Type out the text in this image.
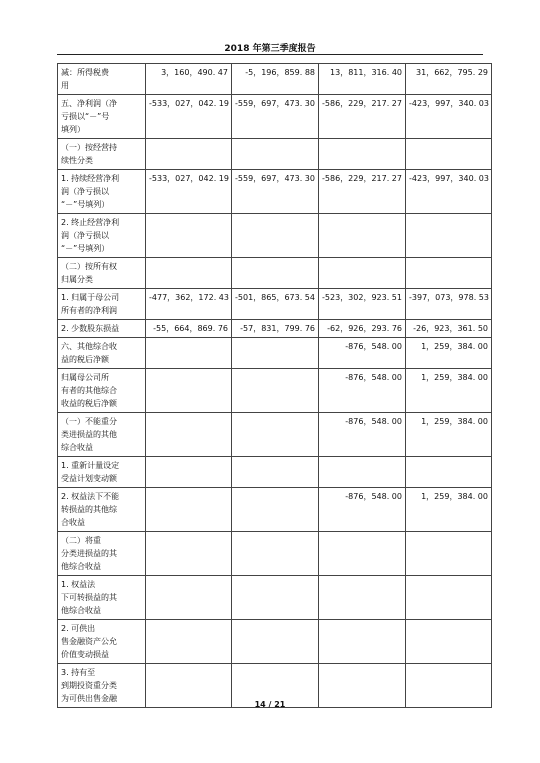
2018 年第三季度报告
减：所得税费
用	3，160，490. 47	-5，196，859. 88	13，811，316. 40	31，662，795. 29
五、净利润（净
亏损以“－”号
填列）	-533，027，042. 19	-559，697，473. 30	-586，229，217. 27	-423，997，340. 03
（一）按经营持
续性分类				
1. 持续经营净利
润（净亏损以
“－”号填列）	-533，027，042. 19	-559，697，473. 30	-586，229，217. 27	-423，997，340. 03
2. 终止经营净利
润（净亏损以
“－”号填列）				
（二）按所有权
归属分类				
1. 归属于母公司
所有者的净利润	-477，362，172. 43	-501，865，673. 54	-523，302，923. 51	-397，073，978. 53
2. 少数股东损益	-55，664，869. 76	-57，831，799. 76	-62，926，293. 76	-26，923，361. 50
六、其他综合收
益的税后净额			-876，548. 00	1，259，384. 00
归属母公司所
有者的其他综合
收益的税后净额			-876，548. 00	1，259，384. 00
（一）不能重分
类进损益的其他
综合收益			-876，548. 00	1，259，384. 00
1. 重新计量设定
受益计划变动额				
2. 权益法下不能
转损益的其他综
合收益			-876，548. 00	1，259，384. 00
（二）将重
分类进损益的其
他综合收益				
1. 权益法
下可转损益的其
他综合收益				
2. 可供出
售金融资产公允
价值变动损益				
3. 持有至
到期投资重分类
为可供出售金融				
14 / 21
